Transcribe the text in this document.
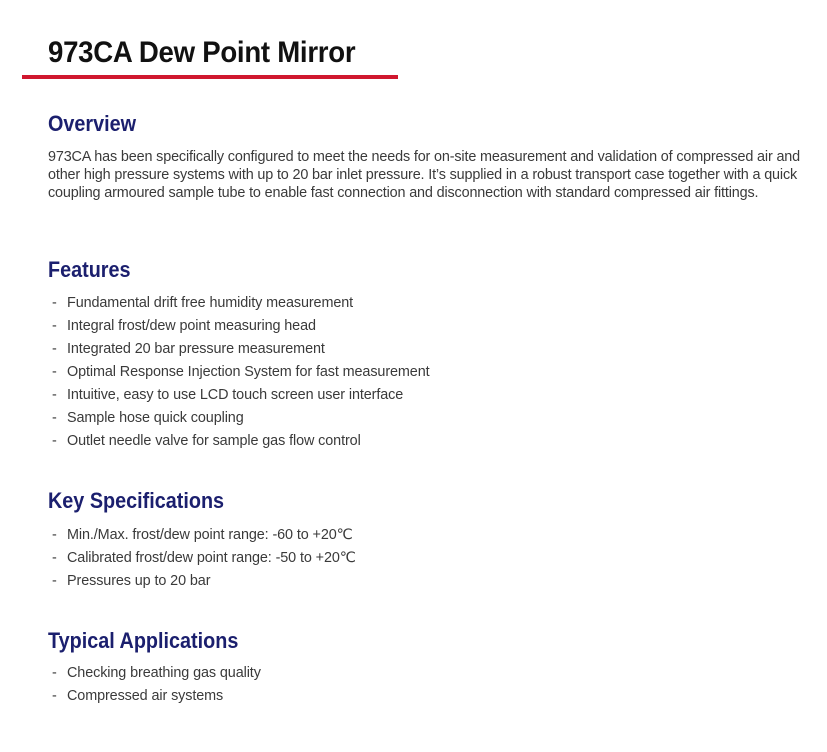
973CA Dew Point Mirror
Overview

973CA has been specifically configured to meet the needs for on-site measurement and validation of compressed air and other high pressure systems with up to 20 bar inlet pressure. It’s supplied in a robust transport case together with a quick coupling armoured sample tube to enable fast connection and disconnection with standard compressed air fittings.

Features
- Fundamental drift free humidity measurement
- Integral frost/dew point measuring head
- Integrated 20 bar pressure measurement
- Optimal Response Injection System for fast measurement
- Intuitive, easy to use LCD touch screen user interface
- Sample hose quick coupling
- Outlet needle valve for sample gas flow control
Key Specifications
- Min./Max. frost/dew point range: -60 to +20℃
- Calibrated frost/dew point range: -50 to +20℃
- Pressures up to 20 bar
Typical Applications
- Checking breathing gas quality
- Compressed air systems
